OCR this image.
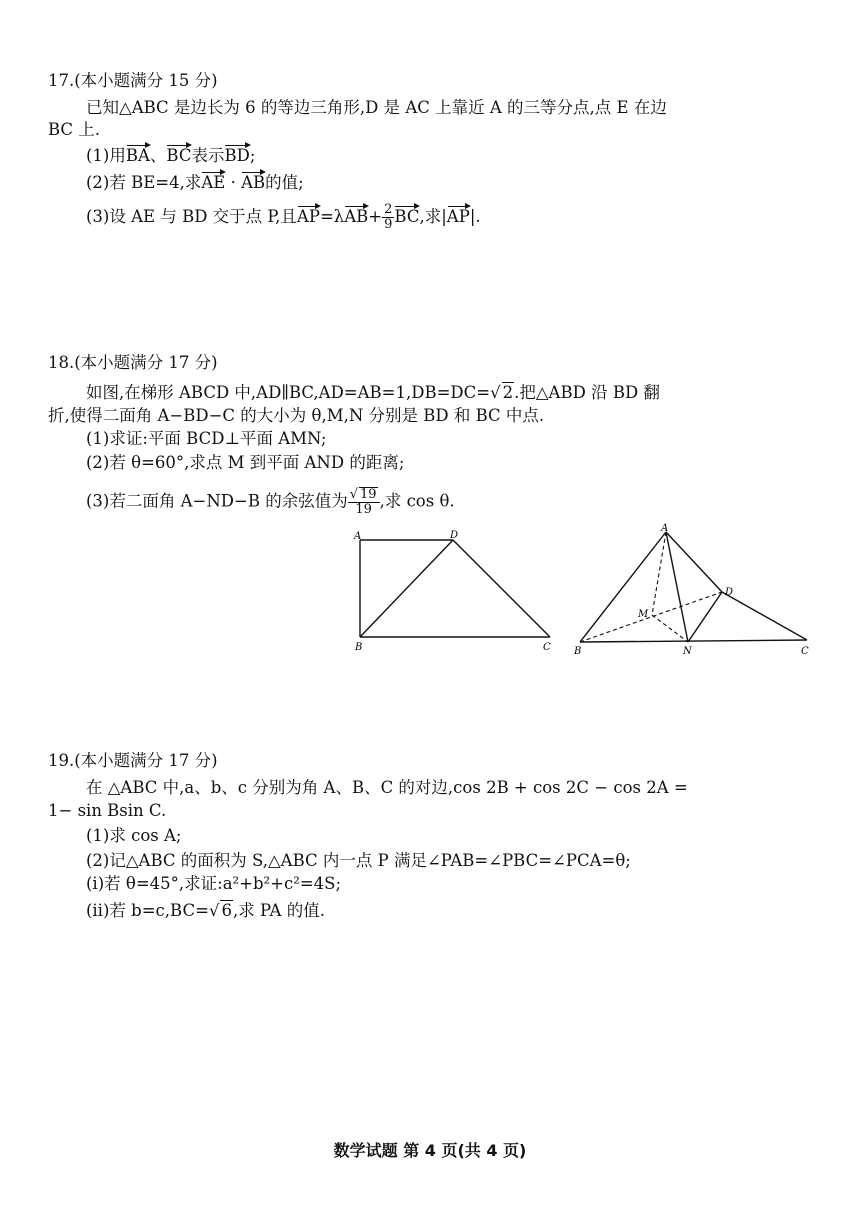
17.(本小题满分 15 分)
已知△ABC 是边长为 6 的等边三角形,D 是 AC 上靠近 A 的三等分点,点 E 在边
BC 上.
(1)用BA、BC表示BD;
(2)若 BE=4,求AE · AB的值;
(3)设 AE 与 BD 交于点 P,且$AP=\lambda AB+ \frac{2}{9}$ BC,求|AP|.
18.(本小题满分 17 分)
如图,在梯形 ABCD 中,AD∥BC,AD=AB=1,DB=DC=√ 2.把△ABD 沿 BD 翻
折,使得二面角 A−BD−C 的大小为 θ,M,N 分别是 BD 和 BC 中点.
(1)求证:平面 BCD⊥平面 AMN;
(2)若 θ=60°,求点 M 到平面 AND 的距离;
(3)若二面角 A−ND−B 的余弦值为 $\frac{√ 19}{19}$ ,求 cos θ.
A	D
B	C
A
D
M
B	N	C
19.(本小题满分 17 分)
在 △ABC 中,a、b、c 分别为角 A、B、C 的对边,cos 2B + cos 2C − cos 2A =
1− sin Bsin C.
(1)求 cos A;
(2)记△ABC 的面积为 S,△ABC 内一点 P 满足∠PAB=∠PBC=∠PCA=θ;
(ⅰ)若 θ=45°,求证:a²+b²+c²=4S;
(ⅱ)若 b=c,BC=√ 6,求 PA 的值.
数学试题 第 4 页(共 4 页)
